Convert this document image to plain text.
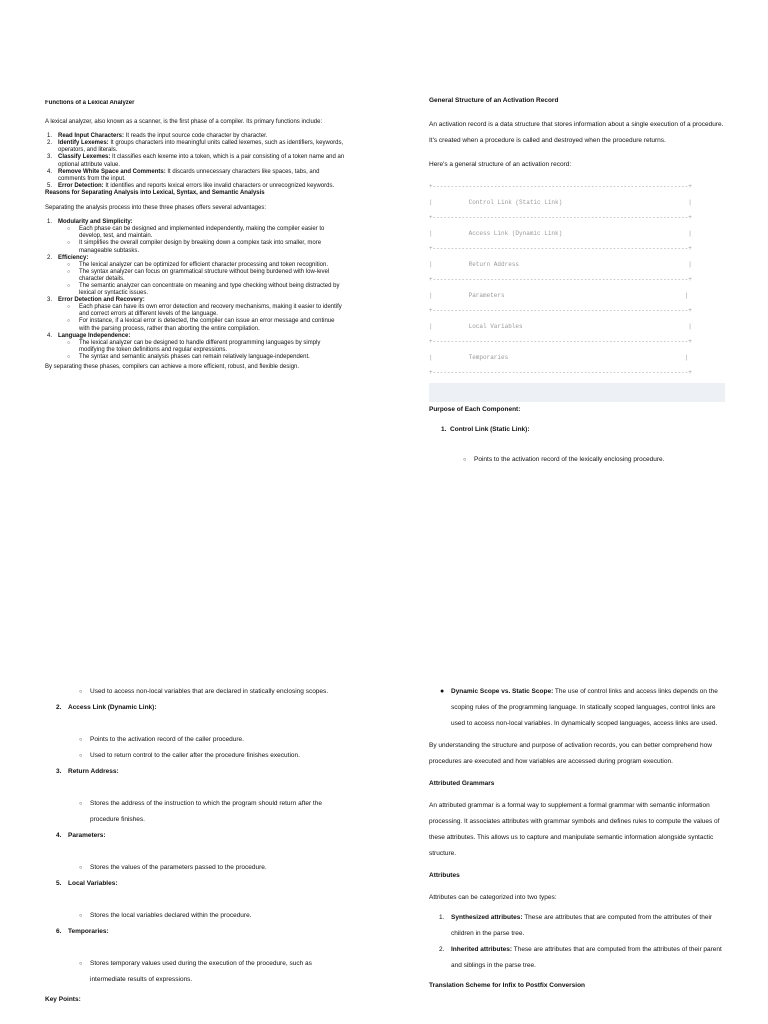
Functions of a Lexical Analyzer

A lexical analyzer, also known as a scanner, is the first phase of a compiler. Its primary functions include:

1. Read Input Characters: It reads the input source code character by character.
2. Identify Lexemes: It groups characters into meaningful units called lexemes, such as identifiers, keywords, operators, and literals.
3. Classify Lexemes: It classifies each lexeme into a token, which is a pair consisting of a token name and an optional attribute value.
4. Remove White Space and Comments: It discards unnecessary characters like spaces, tabs, and comments from the input.
5. Error Detection: It identifies and reports lexical errors like invalid characters or unrecognized keywords.

Reasons for Separating Analysis into Lexical, Syntax, and Semantic Analysis

Separating the analysis process into these three phases offers several advantages:

1. Modularity and Simplicity:
○ Each phase can be designed and implemented independently, making the compiler easier to develop, test, and maintain.
○ It simplifies the overall compiler design by breaking down a complex task into smaller, more manageable subtasks.
2. Efficiency:
○ The lexical analyzer can be optimized for efficient character processing and token recognition.
○ The syntax analyzer can focus on grammatical structure without being burdened with low-level character details.
○ The semantic analyzer can concentrate on meaning and type checking without being distracted by lexical or syntactic issues.
3. Error Detection and Recovery:
○ Each phase can have its own error detection and recovery mechanisms, making it easier to identify and correct errors at different levels of the language.
○ For instance, if a lexical error is detected, the compiler can issue an error message and continue with the parsing process, rather than aborting the entire compilation.
4. Language Independence:
○ The lexical analyzer can be designed to handle different programming languages by simply modifying the token definitions and regular expressions.
○ The syntax and semantic analysis phases can remain relatively language-independent.

By separating these phases, compilers can achieve a more efficient, robust, and flexible design.

General Structure of an Activation Record

An activation record is a data structure that stores information about a single execution of a procedure. It's created when a procedure is called and destroyed when the procedure returns.

Here's a general structure of an activation record:

+-----------------------------------------------------------------------+
|          Control Link (Static Link)                                   |
+-----------------------------------------------------------------------+
|          Access Link (Dynamic Link)                                   |
+-----------------------------------------------------------------------+
|          Return Address                                               |
+-----------------------------------------------------------------------+
|          Parameters                                                  |
+-----------------------------------------------------------------------+
|          Local Variables                                              |
+-----------------------------------------------------------------------+
|          Temporaries                                                 |
+-----------------------------------------------------------------------+

Purpose of Each Component:

1. Control Link (Static Link):

○ Points to the activation record of the lexically enclosing procedure.

○ Used to access non-local variables that are declared in statically enclosing scopes.

2. Access Link (Dynamic Link):

○ Points to the activation record of the caller procedure.

○ Used to return control to the caller after the procedure finishes execution.

3. Return Address:

○ Stores the address of the instruction to which the program should return after the procedure finishes.

4. Parameters:

○ Stores the values of the parameters passed to the procedure.

5. Local Variables:

○ Stores the local variables declared within the procedure.

6. Temporaries:

○ Stores temporary values used during the execution of the procedure, such as intermediate results of expressions.

Key Points:

● Dynamic Scope vs. Static Scope: The use of control links and access links depends on the scoping rules of the programming language. In statically scoped languages, control links are used to access non-local variables. In dynamically scoped languages, access links are used.

By understanding the structure and purpose of activation records, you can better comprehend how procedures are executed and how variables are accessed during program execution.

Attributed Grammars

An attributed grammar is a formal way to supplement a formal grammar with semantic information processing. It associates attributes with grammar symbols and defines rules to compute the values of these attributes. This allows us to capture and manipulate semantic information alongside syntactic structure.

Attributes

Attributes can be categorized into two types:

1. Synthesized attributes: These are attributes that are computed from the attributes of their children in the parse tree.
2. Inherited attributes: These are attributes that are computed from the attributes of their parent and siblings in the parse tree.

Translation Scheme for Infix to Postfix Conversion
